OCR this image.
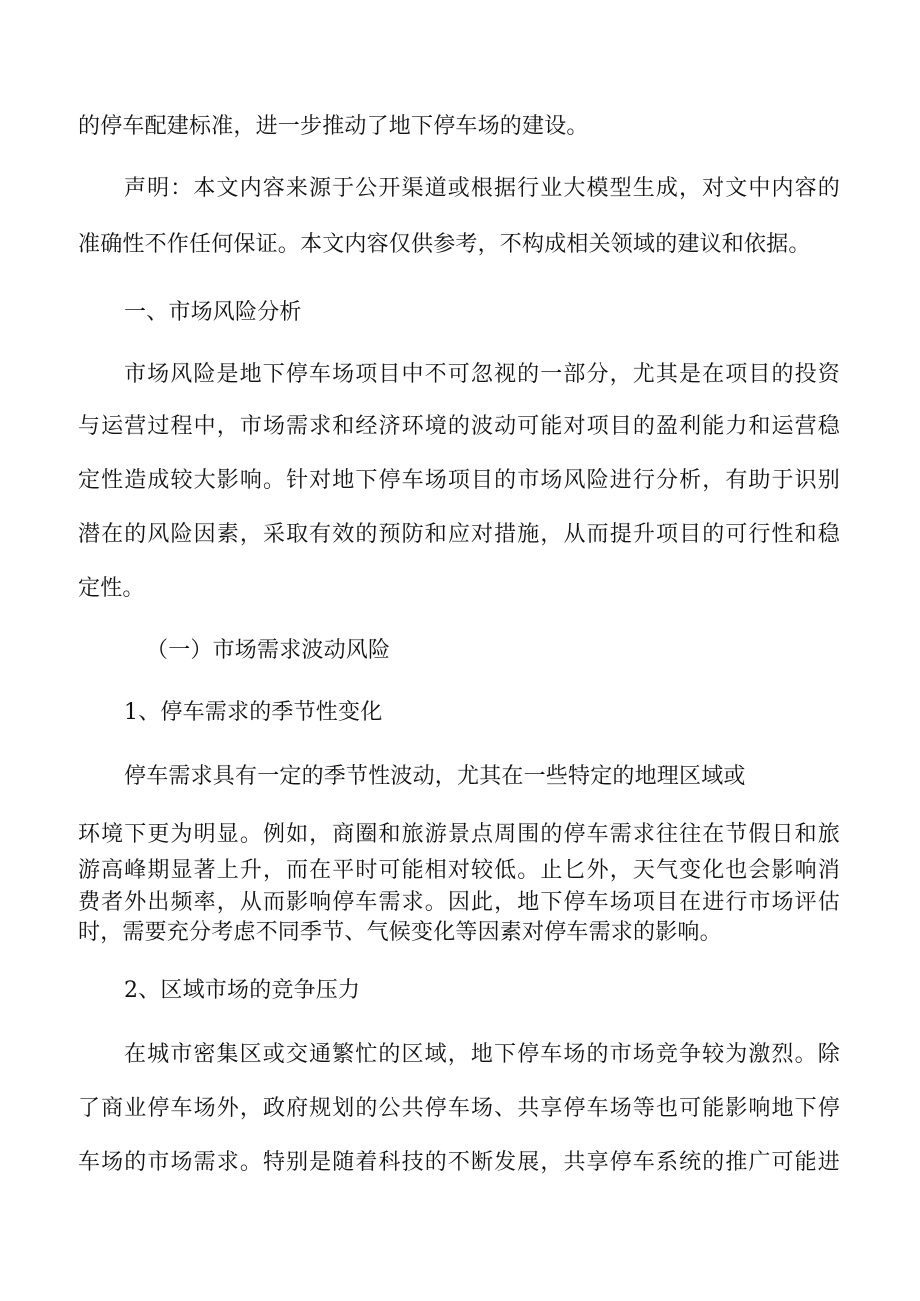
的停车配建标准，进一步推动了地下停车场的建设。
声明：本文内容来源于公开渠道或根据行业大模型生成，对文中内容的
准确性不作任何保证。本文内容仅供参考，不构成相关领域的建议和依据。
一、市场风险分析
市场风险是地下停车场项目中不可忽视的一部分，尤其是在项目的投资
与运营过程中，市场需求和经济环境的波动可能对项目的盈利能力和运营稳
定性造成较大影响。针对地下停车场项目的市场风险进行分析，有助于识别
潜在的风险因素，采取有效的预防和应对措施，从而提升项目的可行性和稳
定性。
（一）市场需求波动风险
1、停车需求的季节性变化
停车需求具有一定的季节性波动，尤其在一些特定的地理区域或
环境下更为明显。例如，商圈和旅游景点周围的停车需求往往在节假日和旅
游高峰期显著上升，而在平时可能相对较低。止匕外，天气变化也会影响消
费者外出频率，从而影响停车需求。因此，地下停车场项目在进行市场评估
时，需要充分考虑不同季节、气候变化等因素对停车需求的影响。
2、区域市场的竞争压力
在城市密集区或交通繁忙的区域，地下停车场的市场竞争较为激烈。除
了商业停车场外，政府规划的公共停车场、共享停车场等也可能影响地下停
车场的市场需求。特别是随着科技的不断发展，共享停车系统的推广可能进
